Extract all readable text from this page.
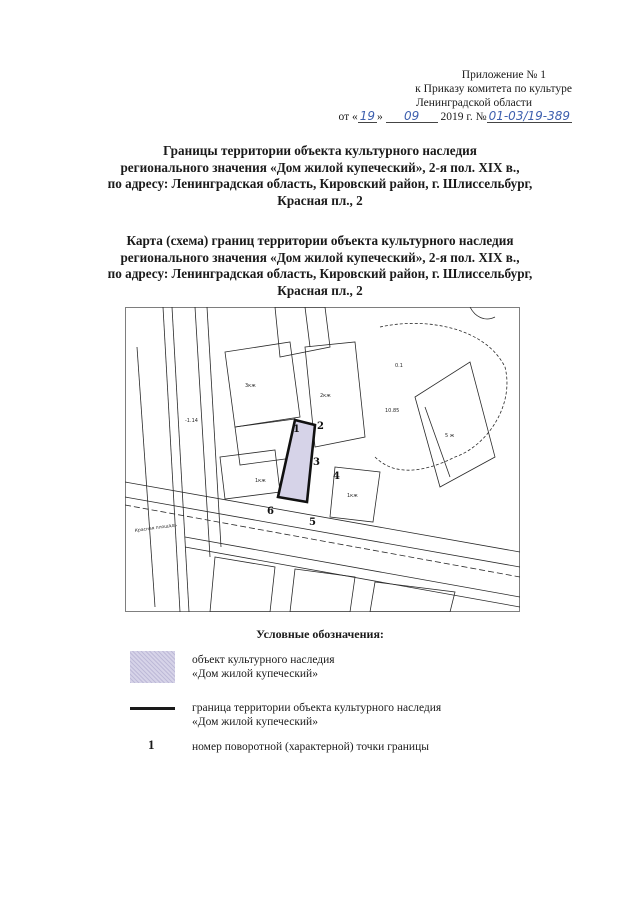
Приложение № 1
к Приказу комитета по культуре
Ленинградской области
от « 19 » 09 2019 г. № 01-03/19-389
Границы территории объекта культурного наследия
регионального значения «Дом жилой купеческий», 2-я пол. XIX в.,
по адресу: Ленинградская область, Кировский район, г. Шлиссельбург,
Красная пл., 2
Карта (схема) границ территории объекта культурного наследия
регионального значения «Дом жилой купеческий», 2-я пол. XIX в.,
по адресу: Ленинградская область, Кировский район, г. Шлиссельбург,
Красная пл., 2
3кж
2кж
-1.14
10.85
5 ж
0.1
1кж
1кж
Красная площадь
1 2
3
4
5
6
Условные обозначения:
объект культурного наследия
«Дом жилой купеческий»
граница территории объекта культурного наследия
«Дом жилой купеческий»
1	номер поворотной (характерной) точки границы
